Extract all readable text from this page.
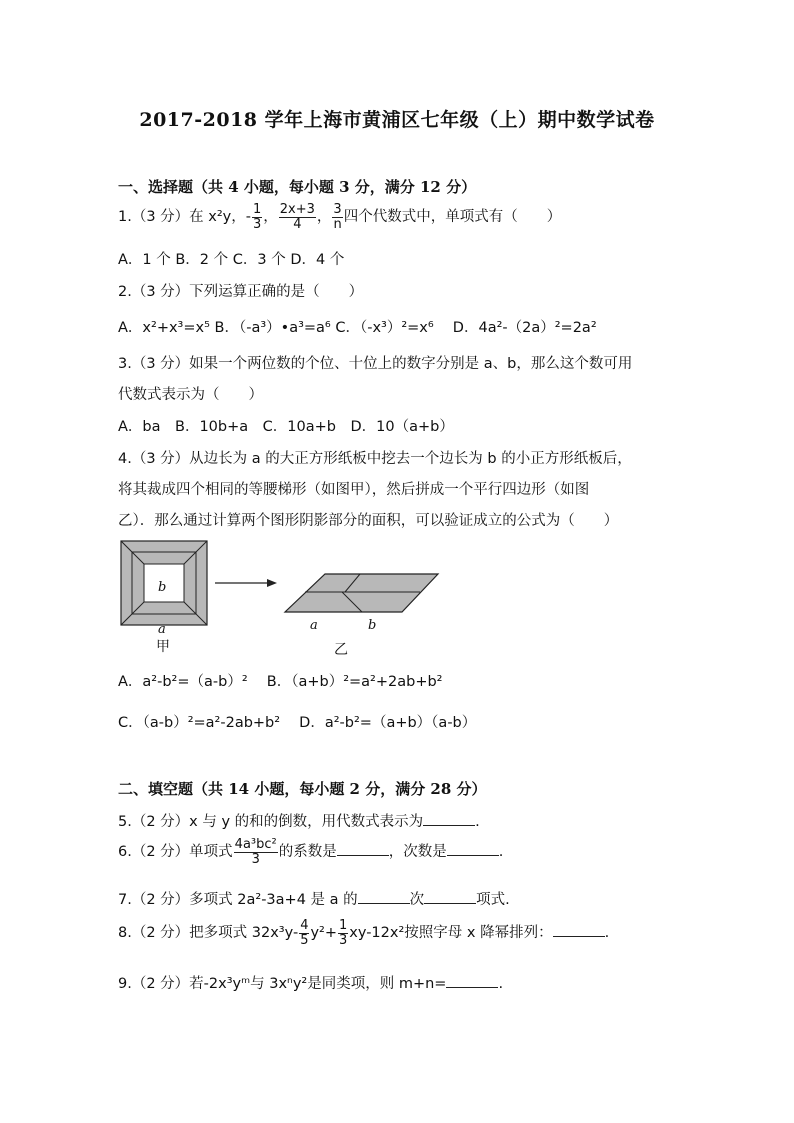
2017-2018 学年上海市黄浦区七年级（上）期中数学试卷
一、选择题（共 4 小题，每小题 3 分，满分 12 分）
1.（3 分）在 x²y，- $\frac{1}{3}$ ， $\frac{2x+3}{4}$ ， $\frac{3}{n}$ 四个代数式中，单项式有（　　）
A．1 个 B．2 个 C．3 个 D．4 个
2.（3 分）下列运算正确的是（　　）
A．x²+x³=x⁵ B．（-a³）•a³=a⁶ C．（-x³）²=x⁶ 　D．4a²-（2a）²=2a²
3.（3 分）如果一个两位数的个位、十位上的数字分别是 a、b，那么这个数可用
代数式表示为（　　）
A．ba　B．10b+a　C．10a+b　D．10（a+b）
4.（3 分）从边长为 a 的大正方形纸板中挖去一个边长为 b 的小正方形纸板后，
将其裁成四个相同的等腰梯形（如图甲），然后拼成一个平行四边形（如图
乙）．那么通过计算两个图形阴影部分的面积，可以验证成立的公式为（　　）
b
a
甲
a	b
乙
A．a²-b²=（a-b）²　 B．（a+b）²=a²+2ab+b²
C．（a-b）²=a²-2ab+b²　 D．a²-b²=（a+b）（a-b）
二、填空题（共 14 小题，每小题 2 分，满分 28 分）
5.（2 分）x 与 y 的和的倒数，用代数式表示为	.
6.（2 分）单项式 $\frac{\text{4a³bc²}}{3}$ 的系数是	，次数是	.
7.（2 分）多项式 2a²-3a+4 是 a 的	次	项式.
8.（2 分）把多项式 $32x^3y- \frac{4}{5} y^2+ \frac{1}{3} xy-12x^2$按照字母 x 降幂排列：	.
9.（2 分）若-2x³yᵐ与 3xⁿy²是同类项，则 m+n=	.
